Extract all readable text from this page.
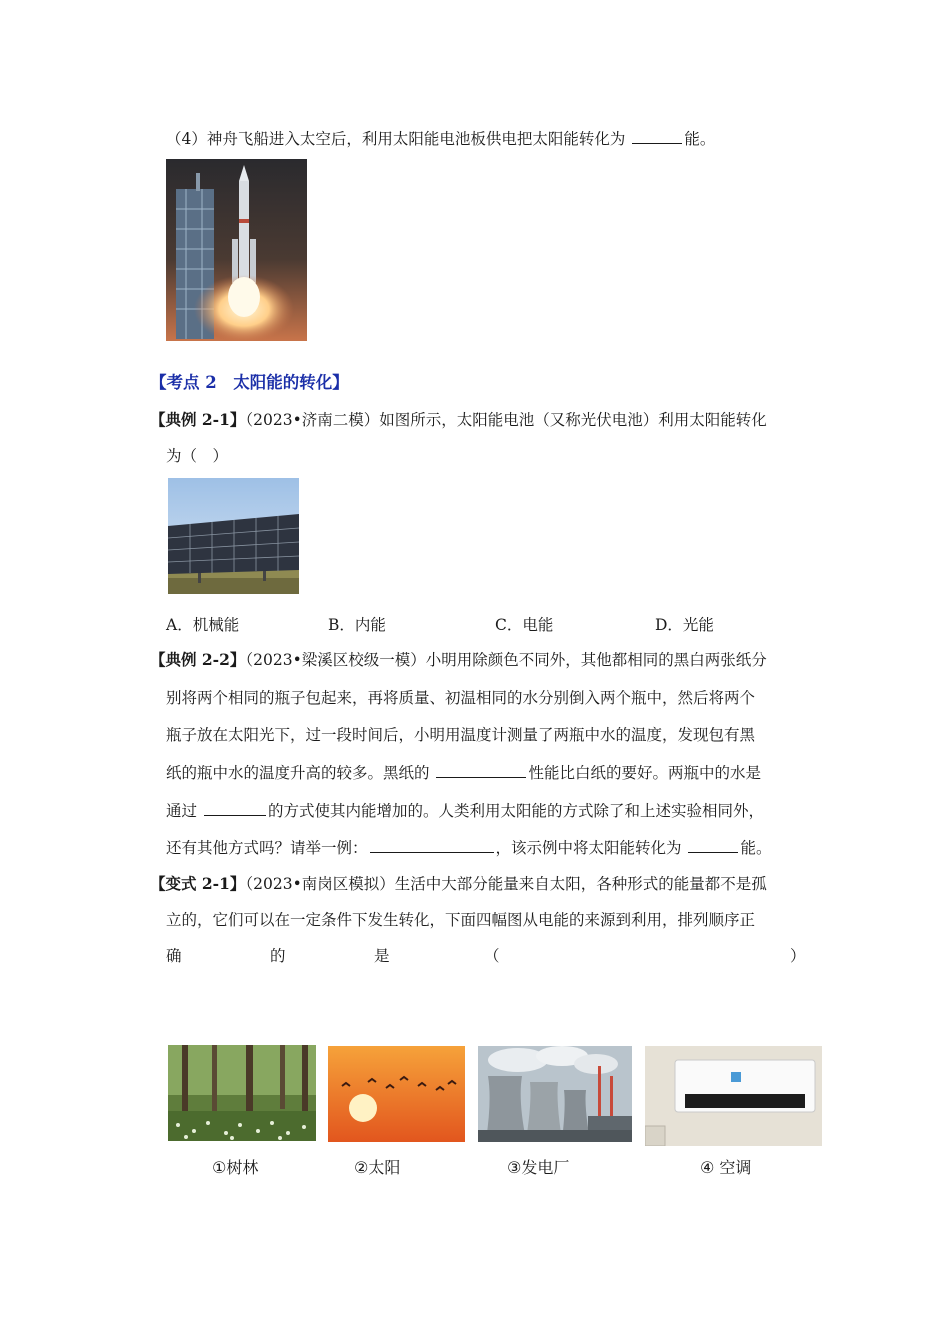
（4）神舟飞船进入太空后，利用太阳能电池板供电把太阳能转化为	能。
【考点 2　太阳能的转化】
【典例 2-1】（2023•济南二模）如图所示，太阳能电池（又称光伏电池）利用太阳能转化
为（　）
A．机械能	B．内能	C．电能	D．光能
【典例 2-2】（2023•梁溪区校级一模）小明用除颜色不同外，其他都相同的黑白两张纸分
别将两个相同的瓶子包起来，再将质量、初温相同的水分别倒入两个瓶中，然后将两个
瓶子放在太阳光下，过一段时间后，小明用温度计测量了两瓶中水的温度，发现包有黑
纸的瓶中水的温度升高的较多。黑纸的	性能比白纸的要好。两瓶中的水是
通过	的方式使其内能增加的。人类利用太阳能的方式除了和上述实验相同外，
还有其他方式吗？请举一例：	，该示例中将太阳能转化为	能。
【变式 2-1】（2023•南岗区模拟）生活中大部分能量来自太阳，各种形式的能量都不是孤
立的，它们可以在一定条件下发生转化，下面四幅图从电能的来源到利用，排列顺序正
确	的	是	（	）
①树林	②太阳	③发电厂	④ 空调
